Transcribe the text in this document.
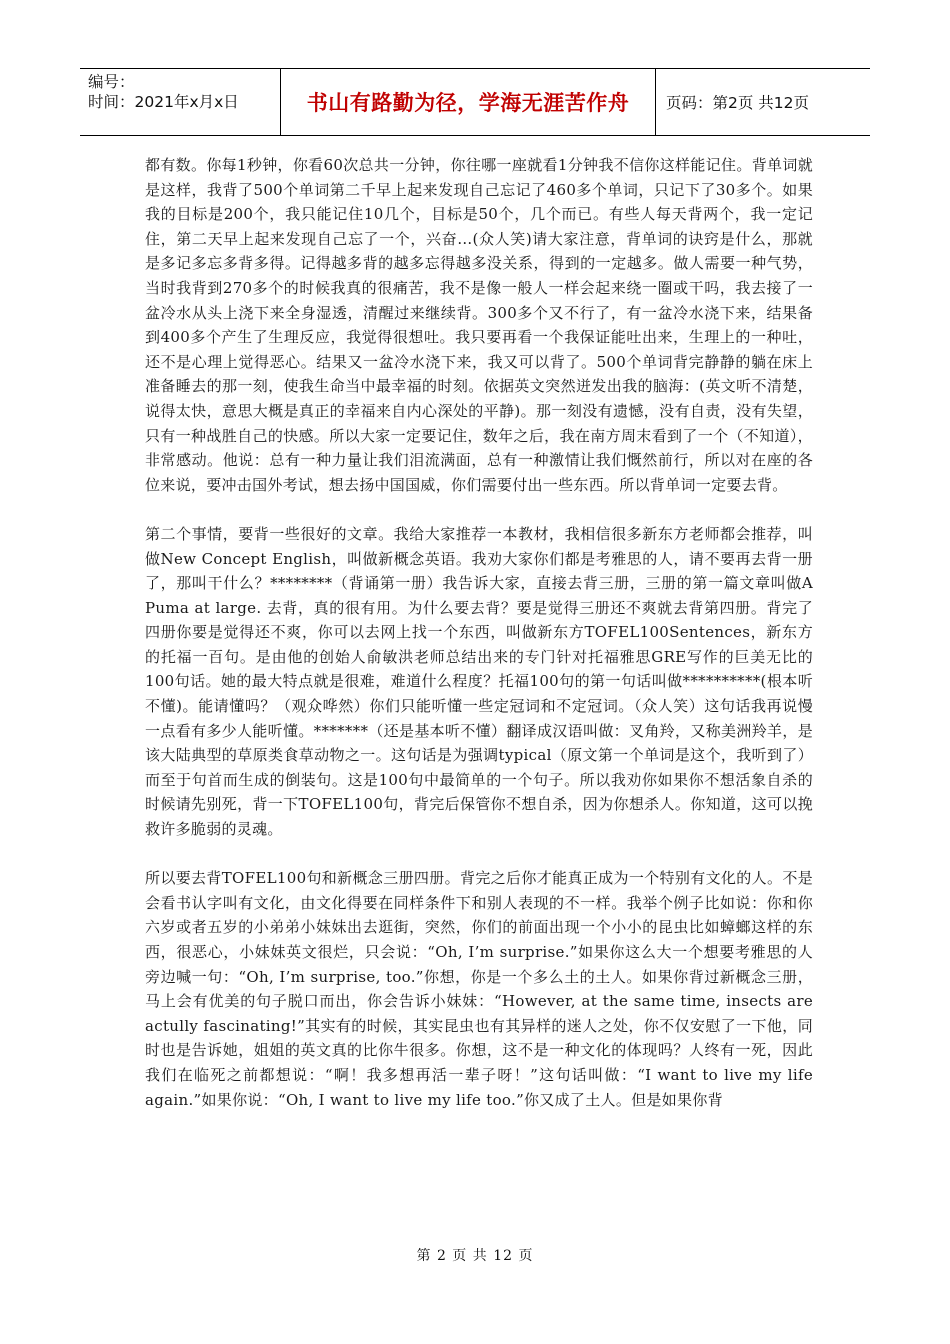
编号：
时间：2021年x月x日	书山有路勤为径，学海无涯苦作舟	页码：第2页 共12页

都有数。你每1秒钟，你看60次总共一分钟，你往哪一座就看1分钟我不信你这样能记住。背单词就是这样，我背了500个单词第二千早上起来发现自己忘记了460多个单词，只记下了30多个。如果我的目标是200个，我只能记住10几个，目标是50个，几个而已。有些人每天背两个，我一定记住，第二天早上起来发现自己忘了一个，兴奋…(众人笑)请大家注意，背单词的诀窍是什么，那就是多记多忘多背多得。记得越多背的越多忘得越多没关系，得到的一定越多。做人需要一种气势，当时我背到270多个的时候我真的很痛苦，我不是像一般人一样会起来绕一圈或干吗，我去接了一盆冷水从头上浇下来全身湿透，清醒过来继续背。300多个又不行了，有一盆冷水浇下来，结果备到400多个产生了生理反应，我觉得很想吐。我只要再看一个我保证能吐出来，生理上的一种吐，还不是心理上觉得恶心。结果又一盆冷水浇下来，我又可以背了。500个单词背完静静的躺在床上准备睡去的那一刻，使我生命当中最幸福的时刻。依据英文突然迸发出我的脑海：(英文听不清楚，说得太快，意思大概是真正的幸福来自内心深处的平静)。那一刻没有遗憾，没有自责，没有失望，只有一种战胜自己的快感。所以大家一定要记住，数年之后，我在南方周末看到了一个（不知道），非常感动。他说：总有一种力量让我们泪流满面，总有一种激情让我们慨然前行，所以对在座的各位来说，要冲击国外考试，想去扬中国国威，你们需要付出一些东西。所以背单词一定要去背。

第二个事情，要背一些很好的文章。我给大家推荐一本教材，我相信很多新东方老师都会推荐，叫做New Concept English，叫做新概念英语。我劝大家你们都是考雅思的人，请不要再去背一册了，那叫干什么？********（背诵第一册）我告诉大家，直接去背三册，三册的第一篇文章叫做A Puma at large. 去背，真的很有用。为什么要去背？要是觉得三册还不爽就去背第四册。背完了四册你要是觉得还不爽，你可以去网上找一个东西，叫做新东方TOFEL100Sentences，新东方的托福一百句。是由他的创始人俞敏洪老师总结出来的专门针对托福雅思GRE写作的巨美无比的100句话。她的最大特点就是很难，难道什么程度？托福100句的第一句话叫做**********(根本听不懂)。能请懂吗？（观众哗然）你们只能听懂一些定冠词和不定冠词。（众人笑）这句话我再说慢一点看有多少人能听懂。*******（还是基本听不懂）翻译成汉语叫做：叉角羚，又称美洲羚羊，是该大陆典型的草原类食草动物之一。这句话是为强调typical（原文第一个单词是这个，我听到了）而至于句首而生成的倒装句。这是100句中最简单的一个句子。所以我劝你如果你不想活象自杀的时候请先别死，背一下TOFEL100句，背完后保管你不想自杀，因为你想杀人。你知道，这可以挽救许多脆弱的灵魂。

所以要去背TOFEL100句和新概念三册四册。背完之后你才能真正成为一个特别有文化的人。不是会看书认字叫有文化，由文化得要在同样条件下和别人表现的不一样。我举个例子比如说：你和你六岁或者五岁的小弟弟小妹妹出去逛街，突然，你们的前面出现一个小小的昆虫比如蟑螂这样的东西，很恶心，小妹妹英文很烂，只会说：“Oh, I’m surprise.”如果你这么大一个想要考雅思的人旁边喊一句：“Oh, I’m surprise, too.”你想，你是一个多么土的土人。如果你背过新概念三册，马上会有优美的句子脱口而出，你会告诉小妹妹：“However, at the same time, insects are actully fascinating!”其实有的时候，其实昆虫也有其异样的迷人之处，你不仅安慰了一下他，同时也是告诉她，姐姐的英文真的比你牛很多。你想，这不是一种文化的体现吗？人终有一死，因此我们在临死之前都想说：“啊！我多想再活一辈子呀！”这句话叫做：“I want to live my life again.”如果你说：“Oh, I want to live my life too.”你又成了土人。但是如果你背

第 2 页 共 12 页
